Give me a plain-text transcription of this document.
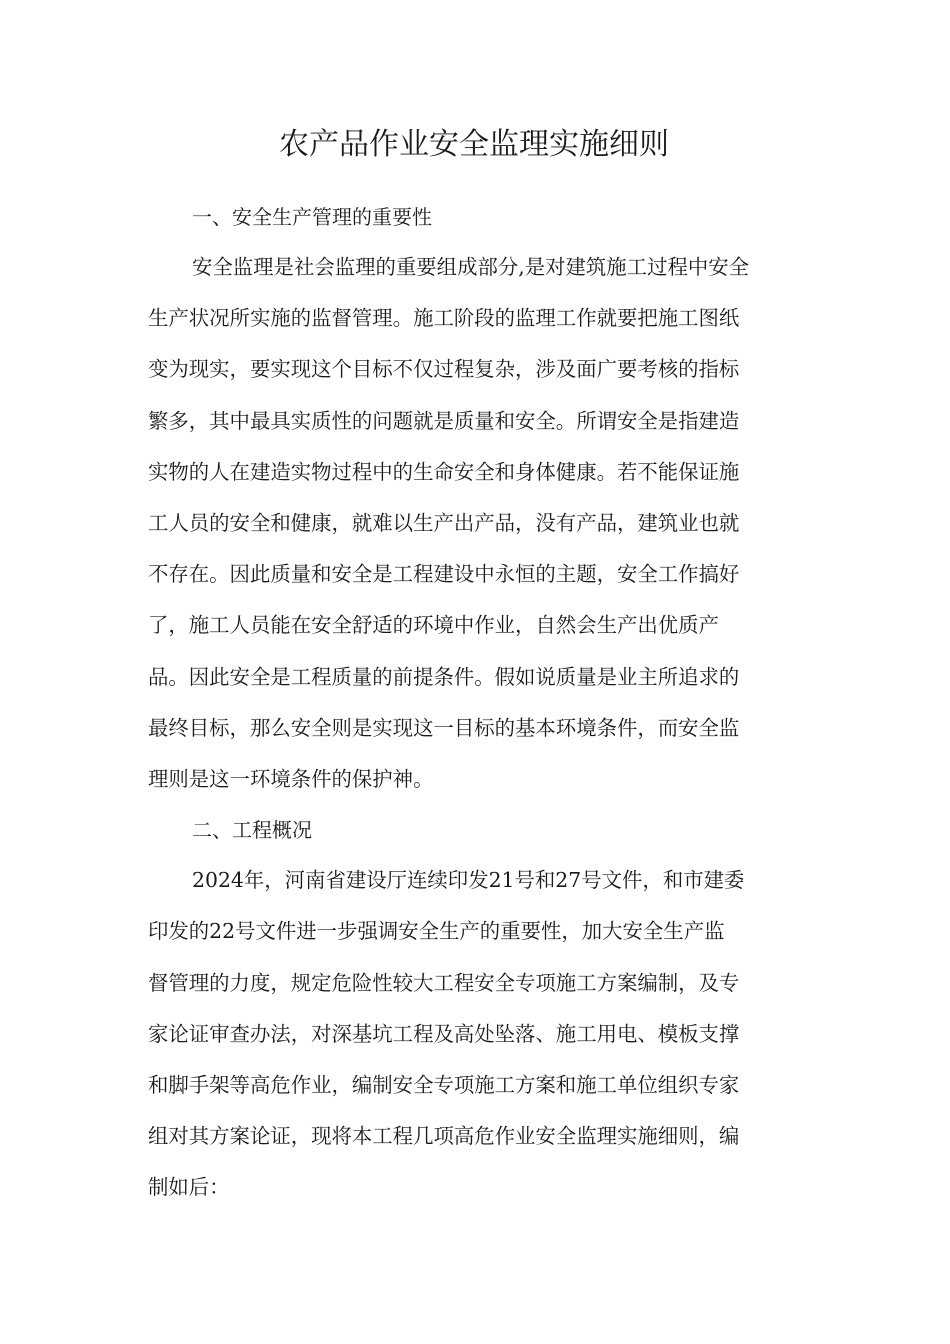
农产品作业安全监理实施细则
一、安全生产管理的重要性
安全监理是社会监理的重要组成部分,是对建筑施工过程中安全
生产状况所实施的监督管理。施工阶段的监理工作就要把施工图纸
变为现实，要实现这个目标不仅过程复杂，涉及面广要考核的指标
繁多，其中最具实质性的问题就是质量和安全。所谓安全是指建造
实物的人在建造实物过程中的生命安全和身体健康。若不能保证施
工人员的安全和健康，就难以生产出产品，没有产品，建筑业也就
不存在。因此质量和安全是工程建设中永恒的主题，安全工作搞好
了，施工人员能在安全舒适的环境中作业，自然会生产出优质产
品。因此安全是工程质量的前提条件。假如说质量是业主所追求的
最终目标，那么安全则是实现这一目标的基本环境条件，而安全监
理则是这一环境条件的保护神。
二、工程概况
2024年，河南省建设厅连续印发21号和27号文件，和市建委
印发的22号文件进一步强调安全生产的重要性，加大安全生产监
督管理的力度，规定危险性较大工程安全专项施工方案编制，及专
家论证审查办法，对深基坑工程及高处坠落、施工用电、模板支撑
和脚手架等高危作业，编制安全专项施工方案和施工单位组织专家
组对其方案论证，现将本工程几项高危作业安全监理实施细则，编
制如后：
